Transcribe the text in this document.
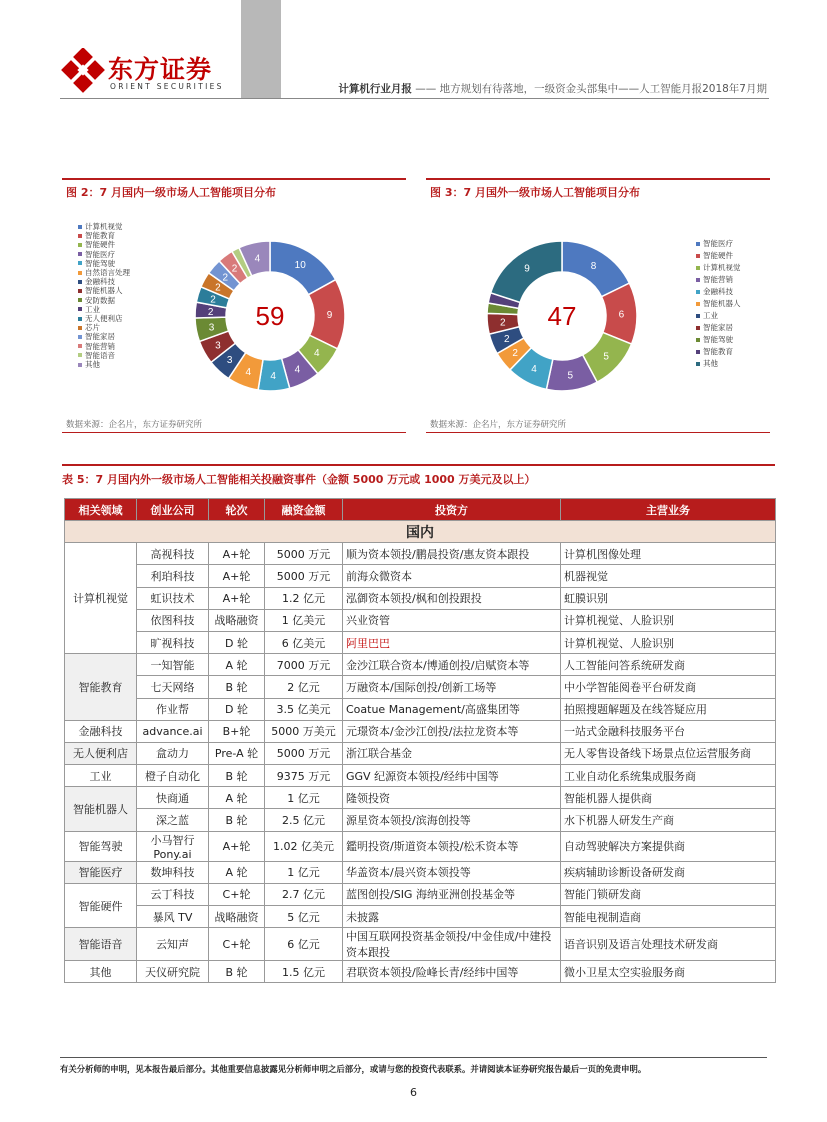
东方证券
ORIENT SECURITIES	计算机行业月报 —— 地方规划有待落地，一级资金头部集中——人工智能月报2018年7月期
图 2：7 月国内一级市场人工智能项目分布
计算机视觉
智能教育
智能硬件
智能医疗
智能驾驶
自然语言处理
金融科技
智能机器人
安防数据
工业
无人便利店
芯片
智能家居
智能营销
智能语音
其他
10
9
4
4
4
4
3
3
3
2
2
2
2
2
4
59
数据来源：企名片，东方证券研究所
图 3：7 月国外一级市场人工智能项目分布
智能医疗
智能硬件
计算机视觉
智能营销
金融科技
智能机器人
工业
智能家居
智能驾驶
智能教育
其他
8
6
5
5
4
2
2
2
9
47
数据来源：企名片，东方证券研究所
表 5：7 月国内外一级市场人工智能相关投融资事件（金额 5000 万元或 1000 万美元及以上）
相关领域	创业公司	轮次	融资金额	投资方	主营业务
国内					
计算机视觉	高视科技	A+轮	5000 万元	顺为资本领投/鹏晨投资/惠友资本跟投	计算机图像处理
	利珀科技	A+轮	5000 万元	前海众微资本	机器视觉
	虹识技术	A+轮	1.2 亿元	泓御资本领投/枫和创投跟投	虹膜识别
	依图科技	战略融资	1 亿美元	兴业资管	计算机视觉、人脸识别
	旷视科技	D 轮	6 亿美元	阿里巴巴	计算机视觉、人脸识别
智能教育	一知智能	A 轮	7000 万元	金沙江联合资本/博通创投/启赋资本等	人工智能问答系统研发商
	七天网络	B 轮	2 亿元	万融资本/国际创投/创新工场等	中小学智能阅卷平台研发商
	作业帮	D 轮	3.5 亿美元	Coatue Management/高盛集团等	拍照搜题解题及在线答疑应用
金融科技	advance.ai	B+轮	5000 万美元	元璟资本/金沙江创投/法拉龙资本等	一站式金融科技服务平台
无人便利店	盒动力	Pre-A 轮	5000 万元	浙江联合基金	无人零售设备线下场景点位运营服务商
工业	橙子自动化	B 轮	9375 万元	GGV 纪源资本领投/经纬中国等	工业自动化系统集成服务商
智能机器人	快商通	A 轮	1 亿元	隆领投资	智能机器人提供商
	深之蓝	B 轮	2.5 亿元	源星资本领投/滨海创投等	水下机器人研发生产商
智能驾驶	小马智行 Pony.ai	A+轮	1.02 亿美元	鑑明投资/斯道资本领投/松禾资本等	自动驾驶解决方案提供商
智能医疗	数坤科技	A 轮	1 亿元	华盖资本/晨兴资本领投等	疾病辅助诊断设备研发商
智能硬件	云丁科技	C+轮	2.7 亿元	蓝图创投/SIG 海纳亚洲创投基金等	智能门锁研发商
	暴风 TV	战略融资	5 亿元	未披露	智能电视制造商
智能语音	云知声	C+轮	6 亿元	中国互联网投资基金领投/中金佳成/中建投资本跟投	语音识别及语言处理技术研发商
其他	天仪研究院	B 轮	1.5 亿元	君联资本领投/险峰长青/经纬中国等	微小卫星太空实验服务商
有关分析师的申明，见本报告最后部分。其他重要信息披露见分析师申明之后部分，或请与您的投资代表联系。并请阅读本证券研究报告最后一页的免责申明。
6
